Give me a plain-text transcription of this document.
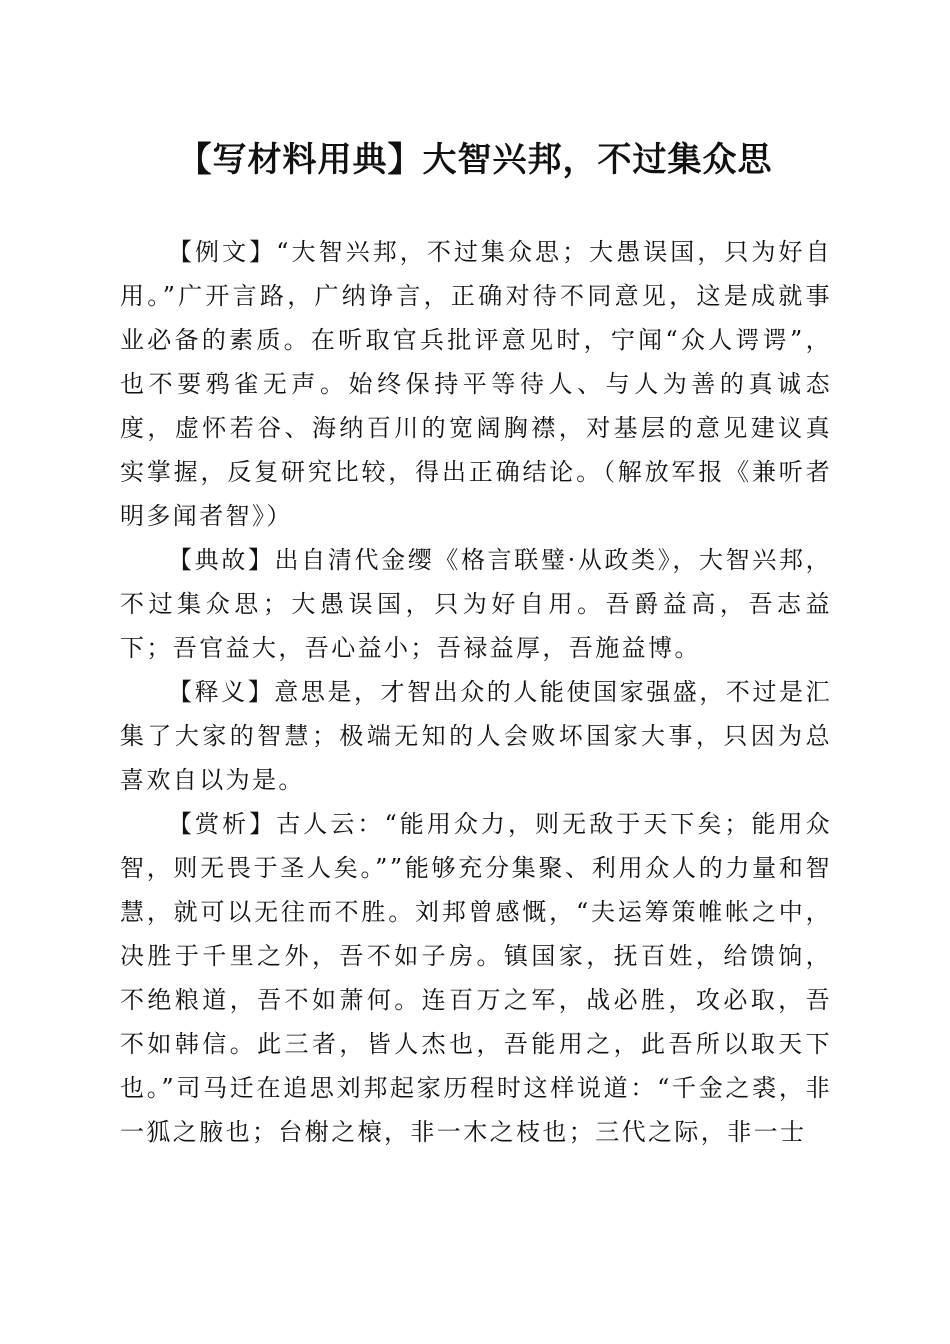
【写材料用典】大智兴邦，不过集众思

【例文】“大智兴邦，不过集众思；大愚误国，只为好自用。”广开言路，广纳诤言，正确对待不同意见，这是成就事业必备的素质。在听取官兵批评意见时，宁闻“众人谔谔”，也不要鸦雀无声。始终保持平等待人、与人为善的真诚态度，虚怀若谷、海纳百川的宽阔胸襟，对基层的意见建议真实掌握，反复研究比较，得出正确结论。（解放军报《兼听者明多闻者智》）

【典故】出自清代金缨《格言联璧·从政类》，大智兴邦，不过集众思；大愚误国，只为好自用。吾爵益高，吾志益下；吾官益大，吾心益小；吾禄益厚，吾施益博。

【释义】意思是，才智出众的人能使国家强盛，不过是汇集了大家的智慧；极端无知的人会败坏国家大事，只因为总喜欢自以为是。

【赏析】古人云：“能用众力，则无敌于天下矣；能用众智，则无畏于圣人矣。””能够充分集聚、利用众人的力量和智慧，就可以无往而不胜。刘邦曾感慨，“夫运筹策帷帐之中，决胜于千里之外，吾不如子房。镇国家，抚百姓，给馈饷，不绝粮道，吾不如萧何。连百万之军，战必胜，攻必取，吾不如韩信。此三者，皆人杰也，吾能用之，此吾所以取天下也。”司马迁在追思刘邦起家历程时这样说道：“千金之裘，非一狐之腋也；台榭之榱，非一木之枝也；三代之际，非一士
